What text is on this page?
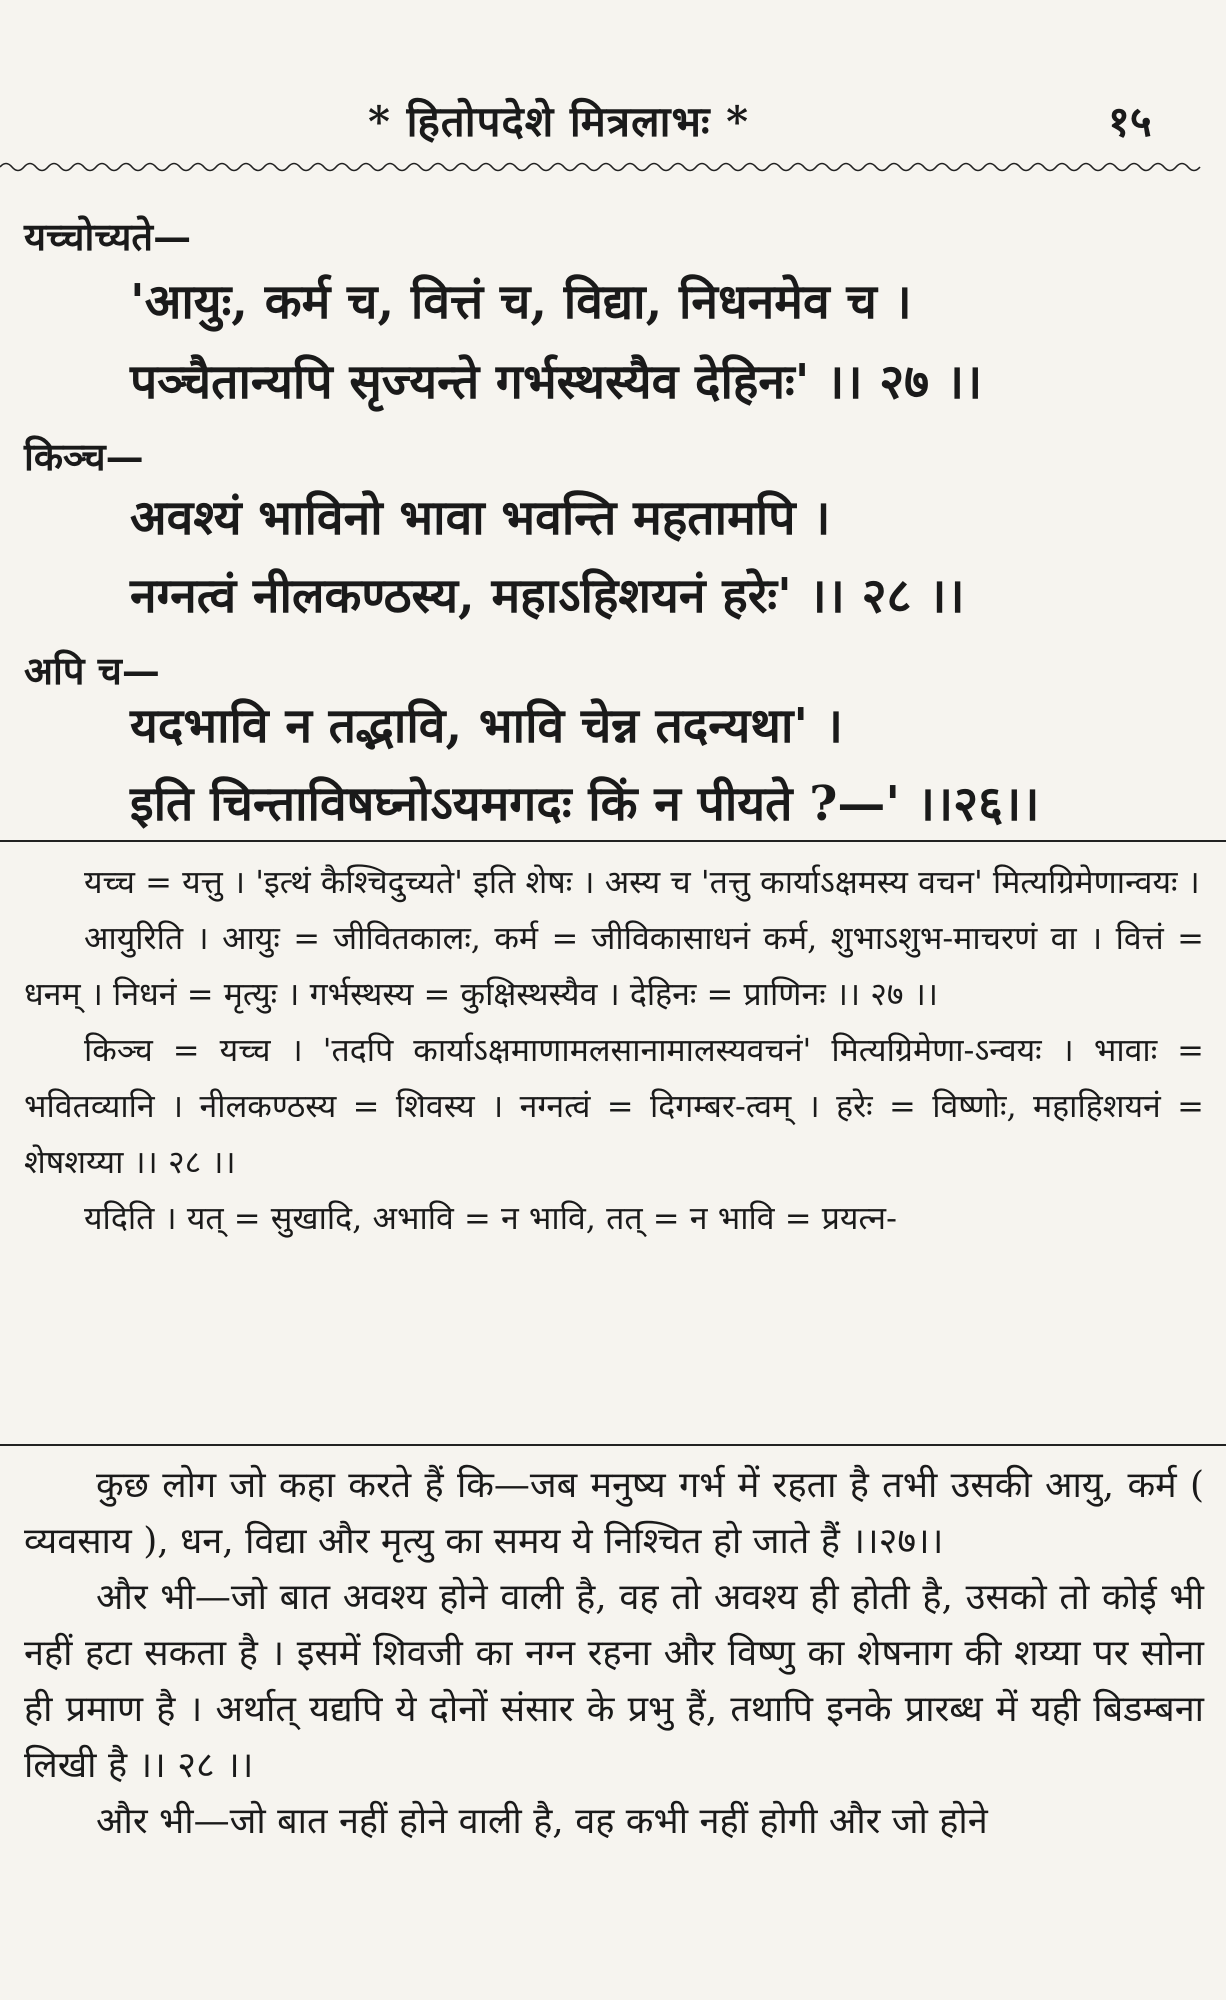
* हितोपदेशे मित्रलाभः *	१५
यच्चोच्यते—
'आयुः, कर्म च, वित्तं च, विद्या, निधनमेव च ।
पञ्चैतान्यपि सृज्यन्ते गर्भस्थस्यैव देहिनः' ।। २७ ।।
किञ्च—
अवश्यं भाविनो भावा भवन्ति महतामपि ।
नग्नत्वं नीलकण्ठस्य, महाऽहिशयनं हरेः' ।। २८ ।।
अपि च—
यदभावि न तद्भावि, भावि चेन्न तदन्यथा' ।
इति चिन्ताविषघ्नोऽयमगदः किं न पीयते ?—' ।।२६।।

यच्च = यत्तु । 'इत्थं कैश्चिदुच्यते' इति शेषः । अस्य च 'तत्तु कार्याऽक्षमस्य वचन' मित्यग्रिमेणान्वयः ।

आयुरिति । आयुः = जीवितकालः, कर्म = जीविकासाधनं कर्म, शुभाऽशुभ-माचरणं वा । वित्तं = धनम् । निधनं = मृत्युः । गर्भस्थस्य = कुक्षिस्थस्यैव । देहिनः = प्राणिनः ।। २७ ।।

किञ्च = यच्च । 'तदपि कार्याऽक्षमाणामलसानामालस्यवचनं' मित्यग्रिमेणा-ऽन्वयः । भावाः = भवितव्यानि । नीलकण्ठस्य = शिवस्य । नग्नत्वं = दिगम्बर-त्वम् । हरेः = विष्णोः, महाहिशयनं = शेषशय्या ।। २८ ।।

यदिति । यत् = सुखादि, अभावि = न भावि, तत् = न भावि = प्रयत्न-

कुछ लोग जो कहा करते हैं कि—जब मनुष्य गर्भ में रहता है तभी उसकी आयु, कर्म ( व्यवसाय ), धन, विद्या और मृत्यु का समय ये निश्चित हो जाते हैं ।।२७।।

और भी—जो बात अवश्य होने वाली है, वह तो अवश्य ही होती है, उसको तो कोई भी नहीं हटा सकता है । इसमें शिवजी का नग्न रहना और विष्णु का शेषनाग की शय्या पर सोना ही प्रमाण है । अर्थात् यद्यपि ये दोनों संसार के प्रभु हैं, तथापि इनके प्रारब्ध में यही बिडम्बना लिखी है ।। २८ ।।

और भी—जो बात नहीं होने वाली है, वह कभी नहीं होगी और जो होने
